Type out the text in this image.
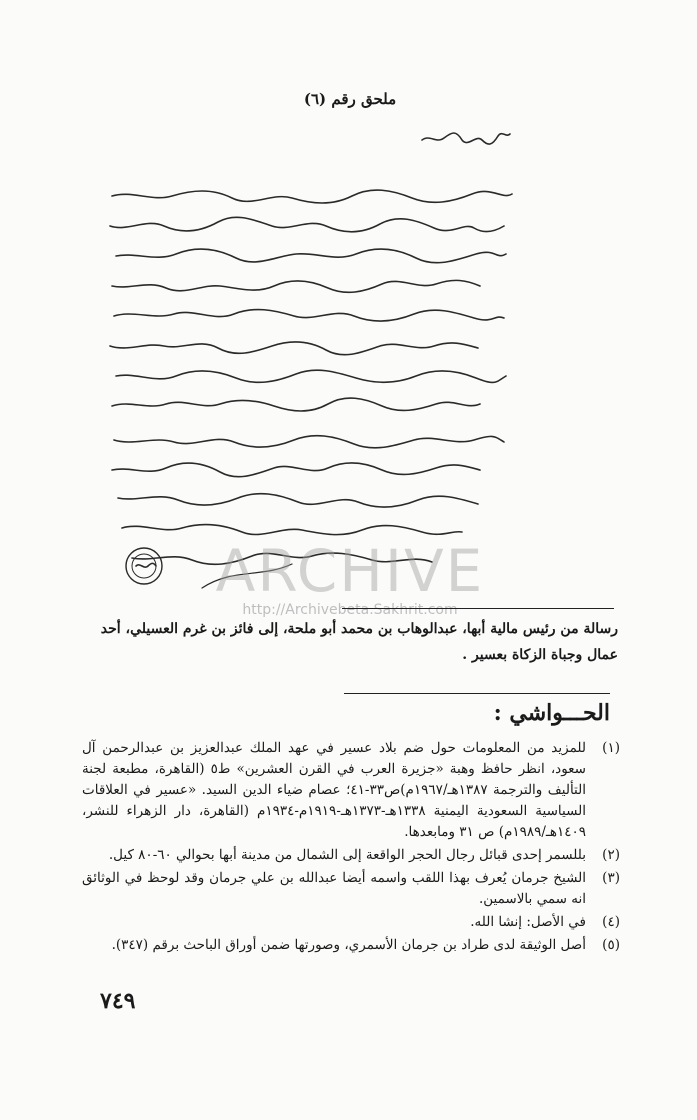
ملحق رقم (٦)
ARCHIVE
http://Archivebeta.Sakhrit.com
رسالة من رئيس مالية أبها، عبدالوهاب بن محمد أبو ملحة، إلى فائز بن غرم العسيلي، أحد عمال وجباة الزكاة بعسير .
الحـــواشي :
(١)
للمزيد من المعلومات حول ضم بلاد عسير في عهد الملك عبدالعزيز بن عبدالرحمن آل سعود، انظر حافظ وهبة «جزيرة العرب في القرن العشرين» ط٥ (القاهرة، مطبعة لجنة التأليف والترجمة ١٣٨٧هـ/١٩٦٧م)ص٣٣-٤١؛ عصام ضياء الدين السيد. «عسير في العلاقات السياسية السعودية اليمنية ١٣٣٨هـ-١٣٧٣هـ-١٩١٩م-١٩٣٤م (القاهرة، دار الزهراء للنشر، ١٤٠٩هـ/١٩٨٩م) ص ٣١ ومابعدها.
(٢)
بللسمر إحدى قبائل رجال الحجر الواقعة إلى الشمال من مدينة أبها بحوالي ٦٠-٨٠ كيل.
(٣)
الشيخ جرمان يُعرف بهذا اللقب واسمه أيضا عبدالله بن علي جرمان وقد لوحظ في الوثائق انه سمي بالاسمين.
(٤)
في الأصل: إنشا الله.
(٥)
أصل الوثيقة لدى طراد بن جرمان الأسمري، وصورتها ضمن أوراق الباحث برقم (٣٤٧).
٧٤٩
